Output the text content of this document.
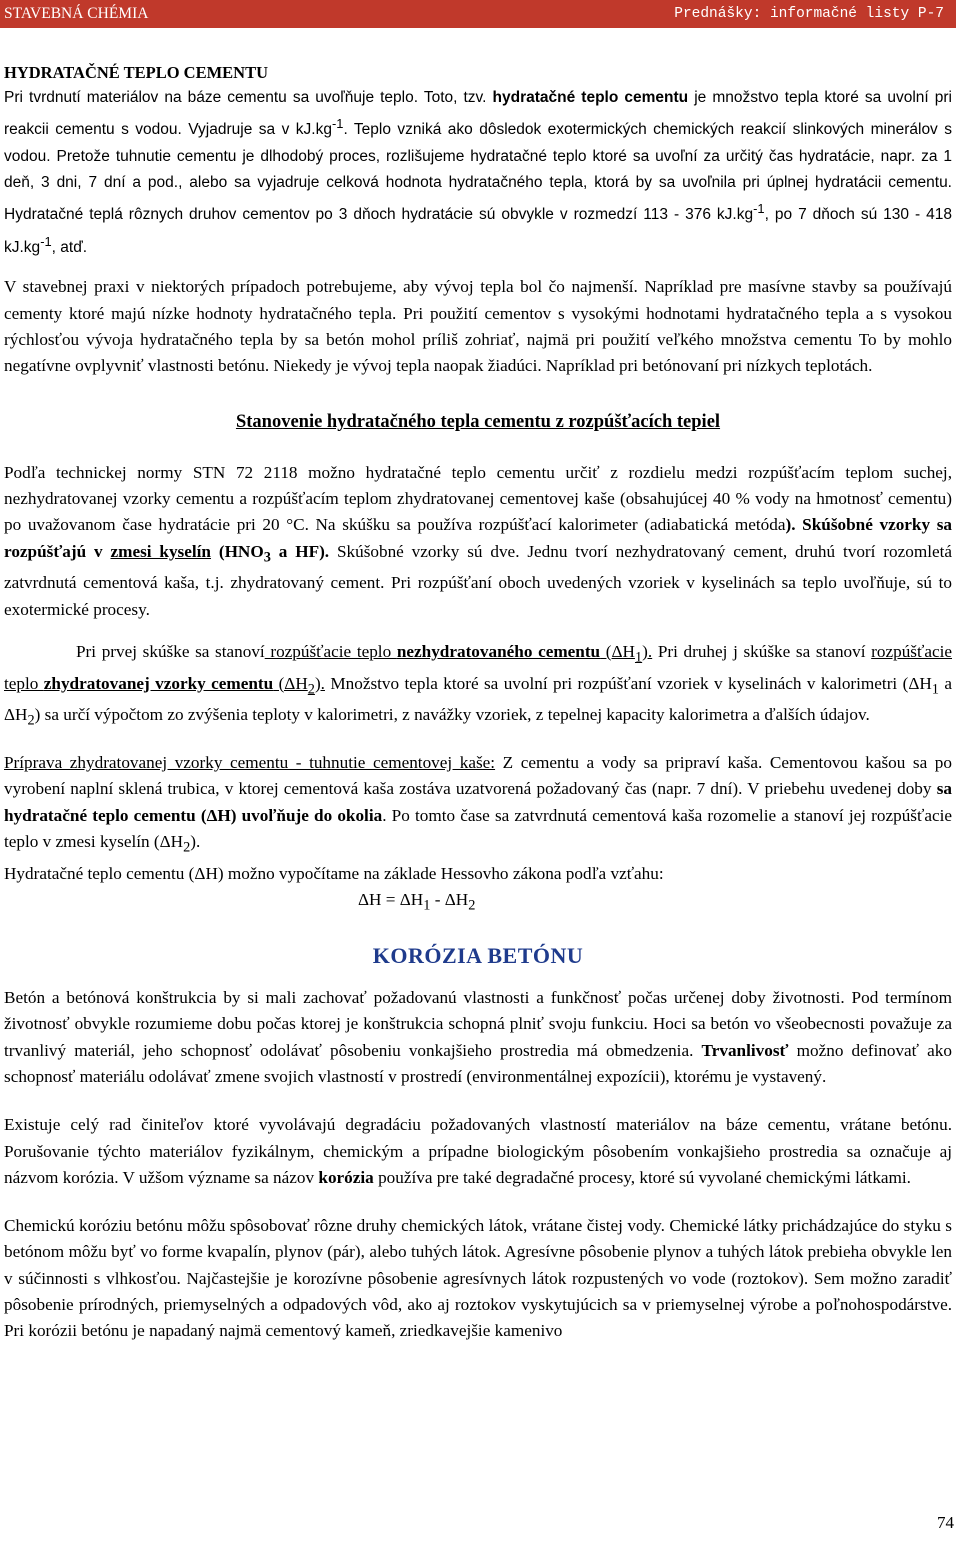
STAVEBNÁ CHÉMIA	Prednášky: informačné listy P-7
HYDRATAČNÉ TEPLO CEMENTU

Pri tvrdnutí materiálov na báze cementu sa uvoľňuje teplo. Toto, tzv. hydratačné teplo cementu je množstvo tepla ktoré sa uvolní pri reakcii cementu s vodou. Vyjadruje sa v $kJ.kg^{-1}$. Teplo vzniká ako dôsledok exotermických chemických reakcií slinkových minerálov s vodou. Pretože tuhnutie cementu je dlhodobý proces, rozlišujeme hydratačné teplo ktoré sa uvoľní za určitý čas hydratácie, napr. za 1 deň, 3 dni, 7 dní a pod., alebo sa vyjadruje celková hodnota hydratačného tepla, ktorá by sa uvoľnila pri úplnej hydratácii cementu. Hydratačné teplá rôznych druhov cementov po 3 dňoch hydratácie sú obvykle v rozmedzí 113 - 376 $kJ.kg^{-1}$, po 7 dňoch sú 130 - 418 $kJ.kg^{-1}$, atď.

V stavebnej praxi v niektorých prípadoch potrebujeme, aby vývoj tepla bol čo najmenší. Napríklad pre masívne stavby sa používajú cementy ktoré majú nízke hodnoty hydratačného tepla. Pri použití cementov s vysokými hodnotami hydratačného tepla a s vysokou rýchlosťou vývoja hydratačného tepla by sa betón mohol príliš zohriať, najmä pri použití veľkého množstva cementu To by mohlo negatívne ovplyvniť vlastnosti betónu. Niekedy je vývoj tepla naopak žiadúci. Napríklad pri betónovaní pri nízkych teplotách.

Stanovenie hydratačného tepla cementu z rozpúšťacích tepiel

Podľa technickej normy STN 72 2118 možno hydratačné teplo cementu určiť z rozdielu medzi rozpúšťacím teplom suchej, nezhydratovanej vzorky cementu a rozpúšťacím teplom zhydratovanej cementovej kaše (obsahujúcej 40 % vody na hmotnosť cementu) po uvažovanom čase hydratácie pri 20 °C. Na skúšku sa používa rozpúšťací kalorimeter (adiabatická metóda). Skúšobné vzorky sa rozpúšťajú v zmesi kyselín ($HNO_3$ a HF). Skúšobné vzorky sú dve. Jednu tvorí nezhydratovaný cement, druhú tvorí rozomletá zatvrdnutá cementová kaša, t.j. zhydratovaný cement. Pri rozpúšťaní oboch uvedených vzoriek v kyselinách sa teplo uvoľňuje, sú to exotermické procesy.

Pri prvej skúške sa stanoví rozpúšťacie teplo nezhydratovaného cementu $(\Delta H_1)$. Pri druhej j skúške sa stanoví rozpúšťacie teplo zhydratovanej vzorky cementu $(\Delta H_2)$. Množstvo tepla ktoré sa uvolní pri rozpúšťaní vzoriek v kyselinách v kalorimetri ($\Delta H_1$ a $\Delta H_2$) sa určí výpočtom zo zvýšenia teploty v kalorimetri, z navážky vzoriek, z tepelnej kapacity kalorimetra a ďalších údajov.

Príprava zhydratovanej vzorky cementu - tuhnutie cementovej kaše: Z cementu a vody sa pripraví kaša. Cementovou kašou sa po vyrobení naplní sklená trubica, v ktorej cementová kaša zostáva uzatvorená požadovaný čas (napr. 7 dní). V priebehu uvedenej doby sa hydratačné teplo cementu (ΔH) uvoľňuje do okolia. Po tomto čase sa zatvrdnutá cementová kaša rozomelie a stanoví jej rozpúšťacie teplo v zmesi kyselín $(\Delta H_2)$.

Hydratačné teplo cementu (ΔH) možno vypočítame na základe Hessovho zákona podľa vzťahu:

$\Delta H = \Delta H_1 - \Delta H_2$

KORÓZIA BETÓNU

Betón a betónová konštrukcia by si mali zachovať požadovanú vlastnosti a funkčnosť počas určenej doby životnosti. Pod termínom životnosť obvykle rozumieme dobu počas ktorej je konštrukcia schopná plniť svoju funkciu. Hoci sa betón vo všeobecnosti považuje za trvanlivý materiál, jeho schopnosť odolávať pôsobeniu vonkajšieho prostredia má obmedzenia. Trvanlivosť možno definovať ako schopnosť materiálu odolávať zmene svojich vlastností v prostredí (environmentálnej expozícii), ktorému je vystavený.

Existuje celý rad činiteľov ktoré vyvolávajú degradáciu požadovaných vlastností materiálov na báze cementu, vrátane betónu. Porušovanie týchto materiálov fyzikálnym, chemickým a prípadne biologickým pôsobením vonkajšieho prostredia sa označuje aj názvom korózia. V užšom význame sa názov korózia používa pre také degradačné procesy, ktoré sú vyvolané chemickými látkami.

Chemickú koróziu betónu môžu spôsobovať rôzne druhy chemických látok, vrátane čistej vody. Chemické látky prichádzajúce do styku s betónom môžu byť vo forme kvapalín, plynov (pár), alebo tuhých látok. Agresívne pôsobenie plynov a tuhých látok prebieha obvykle len v súčinnosti s vlhkosťou. Najčastejšie je korozívne pôsobenie agresívnych látok rozpustených vo vode (roztokov). Sem možno zaradiť pôsobenie prírodných, priemyselných a odpadových vôd, ako aj roztokov vyskytujúcich sa v priemyselnej výrobe a poľnohospodárstve. Pri korózii betónu je napadaný najmä cementový kameň, zriedkavejšie kamenivo

74
